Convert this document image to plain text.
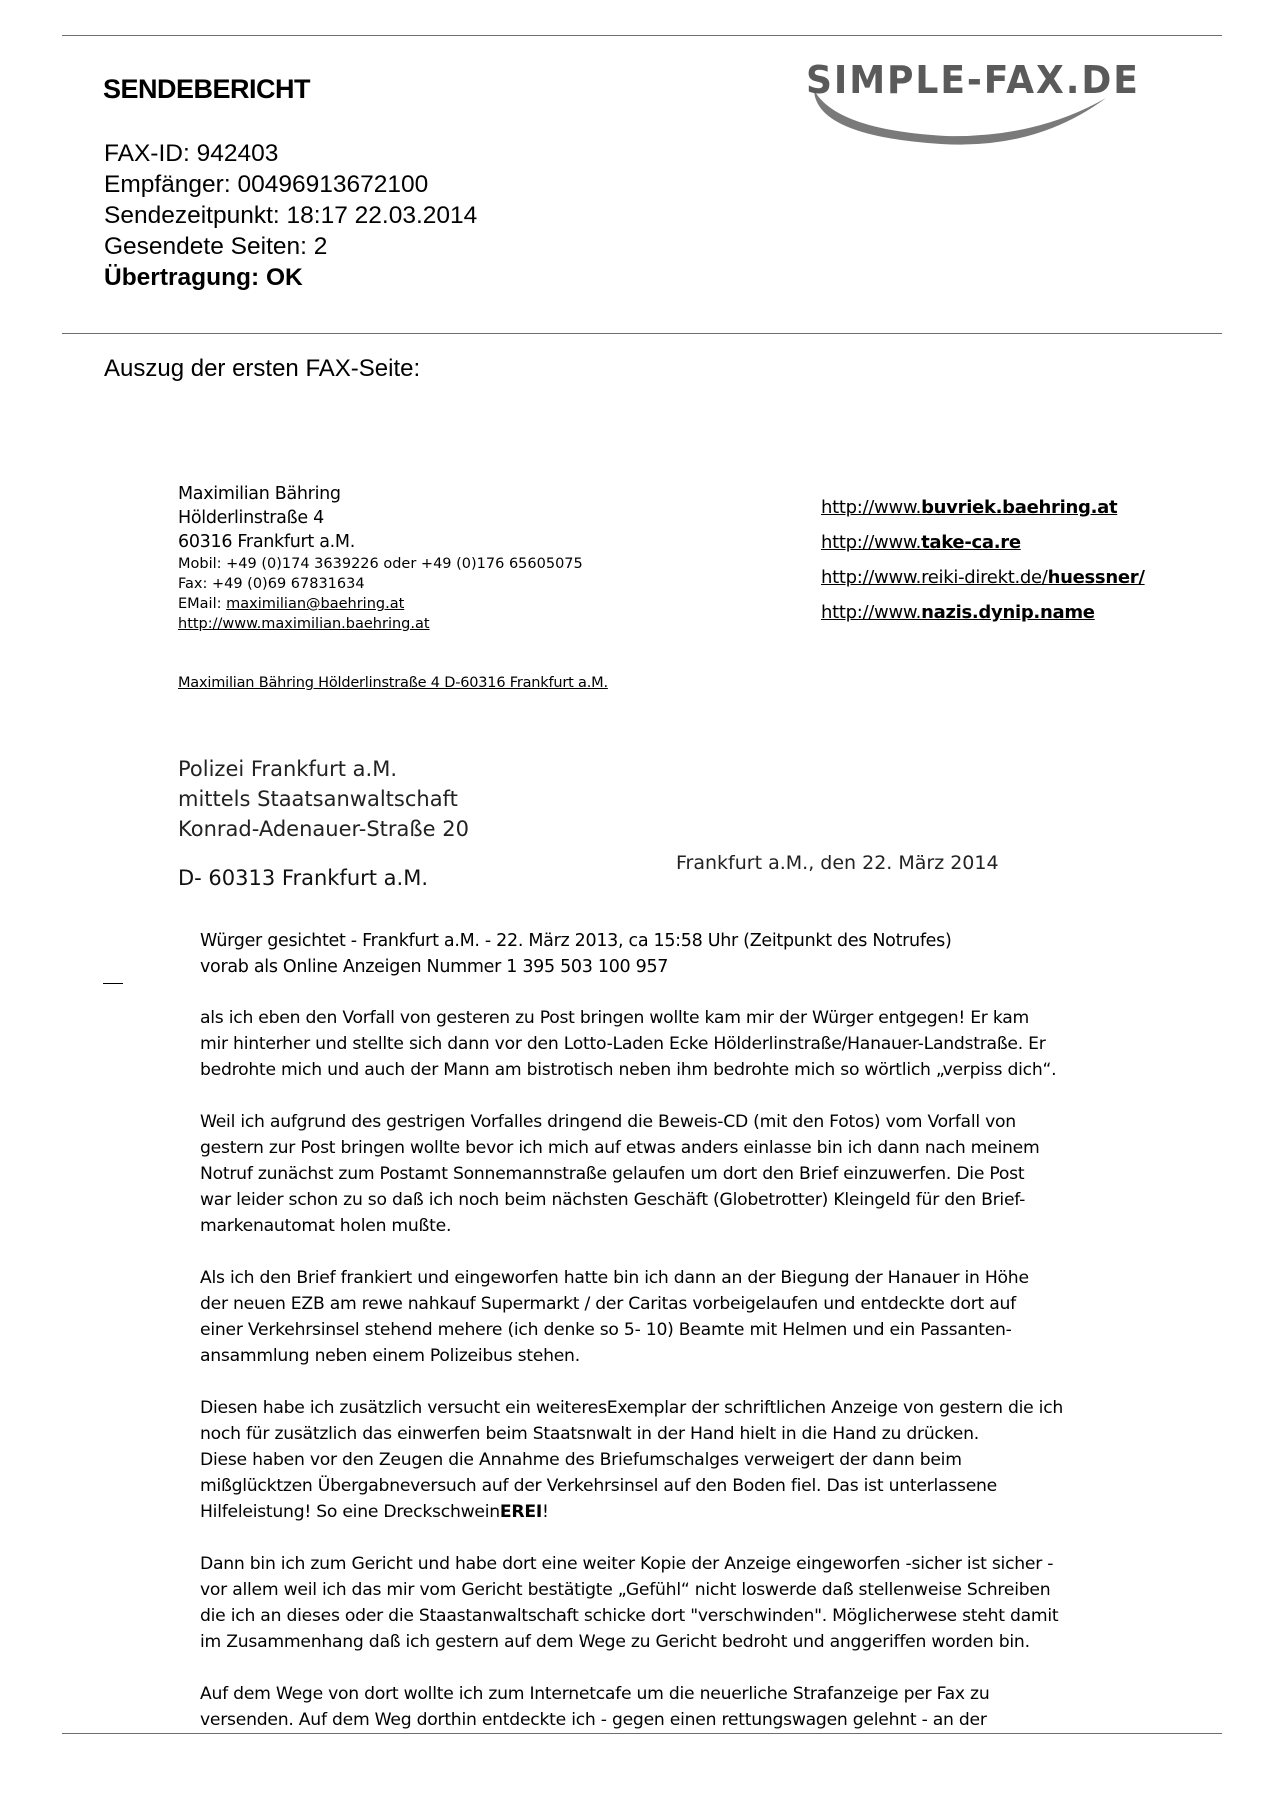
SENDEBERICHT
FAX-ID: 942403
Empfänger: 00496913672100
Sendezeitpunkt: 18:17 22.03.2014
Gesendete Seiten: 2
Übertragung: OK
SIMPLE-FAX.DE
Auszug der ersten FAX-Seite:
Maximilian Bähring
Hölderlinstraße 4
60316 Frankfurt a.M.
Mobil: +49 (0)174 3639226 oder +49 (0)176 65605075
Fax: +49 (0)69 67831634
EMail: maximilian@baehring.at
http://www.maximilian.baehring.at
http://www.buvriek.baehring.at
http://www.take-ca.re
http://www.reiki-direkt.de/huessner/
http://www.nazis.dynip.name
Maximilian Bähring Hölderlinstraße 4 D-60316 Frankfurt a.M.
Polizei Frankfurt a.M.
mittels Staatsanwaltschaft
Konrad-Adenauer-Straße 20
D- 60313 Frankfurt a.M.
Frankfurt a.M., den 22. März 2014
Würger gesichtet - Frankfurt a.M. - 22. März 2013, ca 15:58 Uhr (Zeitpunkt des Notrufes)
vorab als Online Anzeigen Nummer 1 395 503 100 957

als ich eben den Vorfall von gesteren zu Post bringen wollte kam mir der Würger entgegen! Er kam
mir hinterher und stellte sich dann vor den Lotto-Laden Ecke Hölderlinstraße/Hanauer-Landstraße. Er
bedrohte mich und auch der Mann am bistrotisch neben ihm bedrohte mich so wörtlich „verpiss dich“.

Weil ich aufgrund des gestrigen Vorfalles dringend die Beweis-CD (mit den Fotos) vom Vorfall von
gestern zur Post bringen wollte bevor ich mich auf etwas anders einlasse bin ich dann nach meinem
Notruf zunächst zum Postamt Sonnemannstraße gelaufen um dort den Brief einzuwerfen. Die Post
war leider schon zu so daß ich noch beim nächsten Geschäft (Globetrotter) Kleingeld für den Brief-
markenautomat holen mußte.

Als ich den Brief frankiert und eingeworfen hatte bin ich dann an der Biegung der Hanauer in Höhe
der neuen EZB am rewe nahkauf Supermarkt / der Caritas vorbeigelaufen und entdeckte dort auf
einer Verkehrsinsel stehend mehere (ich denke so 5- 10) Beamte mit Helmen und ein Passanten-
ansammlung neben einem Polizeibus stehen.

Diesen habe ich zusätzlich versucht ein weiteresExemplar der schriftlichen Anzeige von gestern die ich
noch für zusätzlich das einwerfen beim Staatsnwalt in der Hand hielt in die Hand zu drücken.
Diese haben vor den Zeugen die Annahme des Briefumschalges verweigert der dann beim
mißglücktzen Übergabneversuch auf der Verkehrsinsel auf den Boden fiel. Das ist unterlassene
Hilfeleistung! So eine DreckschweinEREI!

Dann bin ich zum Gericht und habe dort eine weiter Kopie der Anzeige eingeworfen -sicher ist sicher -
vor allem weil ich das mir vom Gericht bestätigte „Gefühl“ nicht loswerde daß stellenweise Schreiben
die ich an dieses oder die Staastanwaltschaft schicke dort "verschwinden". Möglicherwese steht damit
im Zusammenhang daß ich gestern auf dem Wege zu Gericht bedroht und anggeriffen worden bin.

Auf dem Wege von dort wollte ich zum Internetcafe um die neuerliche Strafanzeige per Fax zu
versenden. Auf dem Weg dorthin entdeckte ich - gegen einen rettungswagen gelehnt - an der
